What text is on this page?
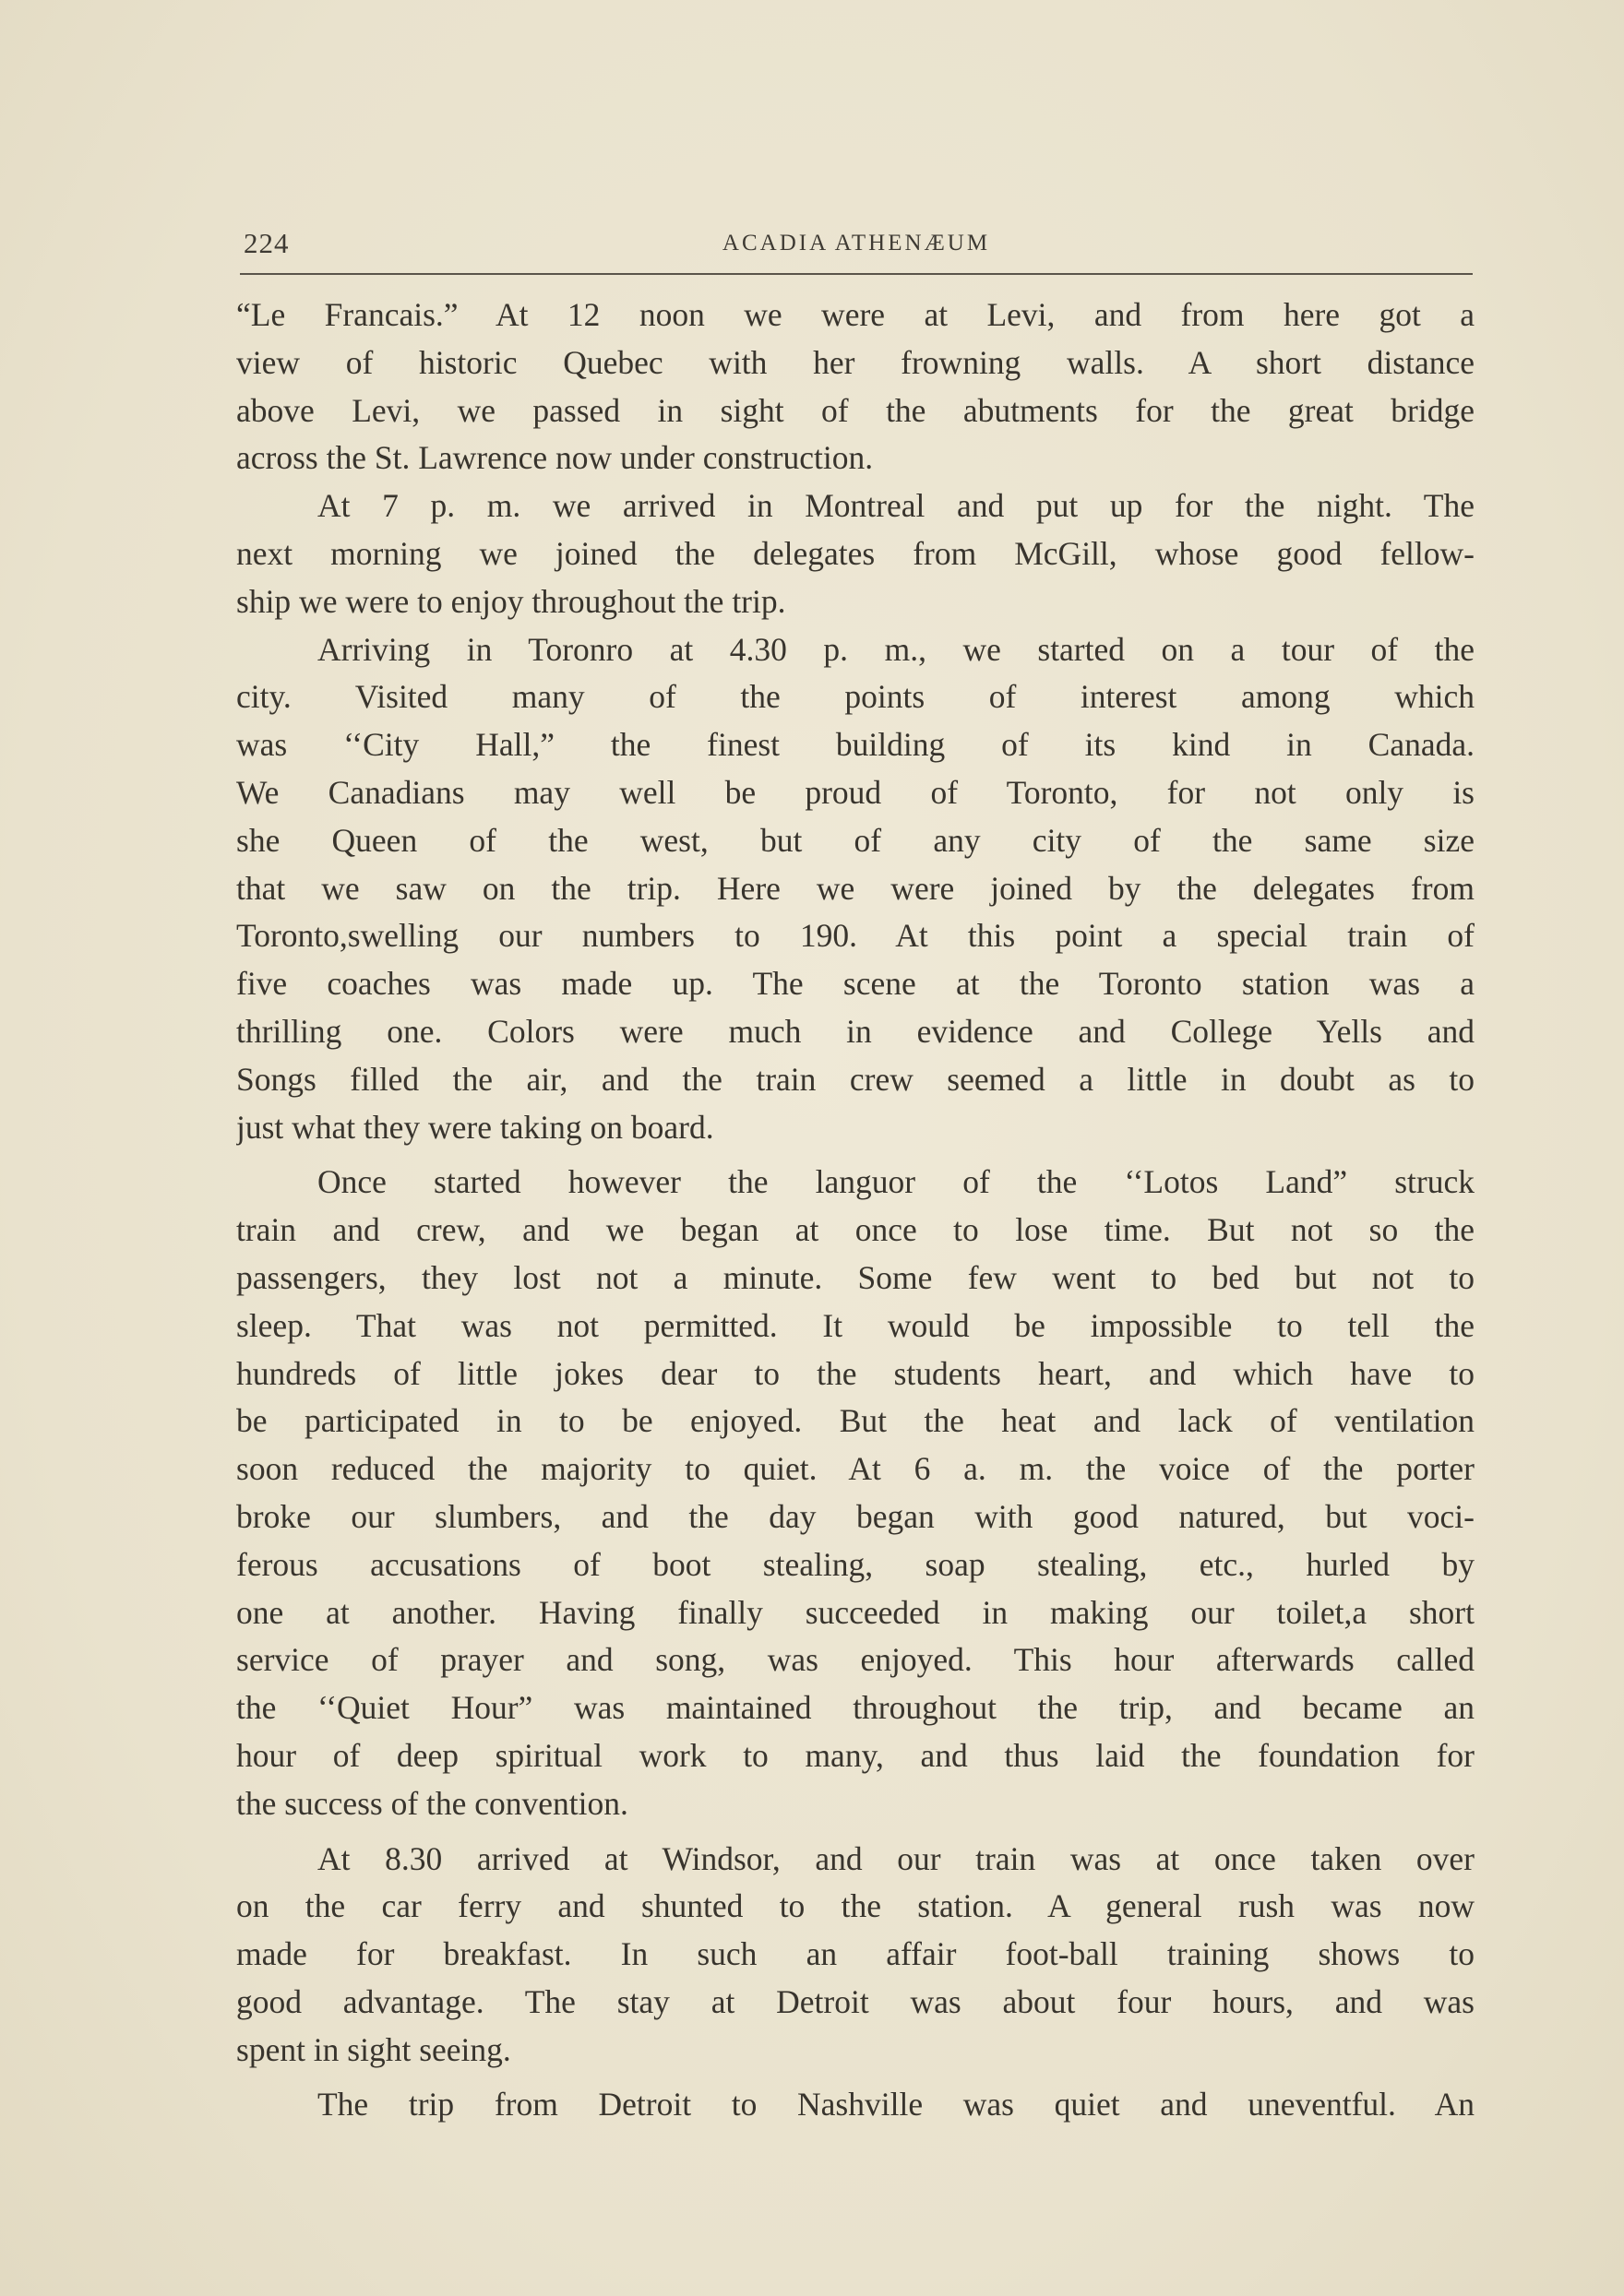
224	ACADIA ATHENÆUM
“Le Francais.” At 12 noon we were at Levi, and from here got a
view of historic Quebec with her frowning walls. A short distance
above Levi, we passed in sight of the abutments for the great bridge
across the St. Lawrence now under construction.
At 7 p. m. we arrived in Montreal and put up for the night. The
next morning we joined the delegates from McGill, whose good fellow-
ship we were to enjoy throughout the trip.
Arriving in Toronro at 4.30 p. m., we started on a tour of the
city. Visited many of the points of interest among which
was ‘‘City Hall,” the finest building of its kind in Canada.
We Canadians may well be proud of Toronto, for not only is
she Queen of the west, but of any city of the same size
that we saw on the trip. Here we were joined by the delegates from
Toronto,swelling our numbers to 190. At this point a special train of
five coaches was made up. The scene at the Toronto station was a
thrilling one. Colors were much in evidence and College Yells and
Songs filled the air, and the train crew seemed a little in doubt as to
just what they were taking on board.
Once started however the languor of the ‘‘Lotos Land” struck
train and crew, and we began at once to lose time. But not so the
passengers, they lost not a minute. Some few went to bed but not to
sleep. That was not permitted. It would be impossible to tell the
hundreds of little jokes dear to the students heart, and which have to
be participated in to be enjoyed. But the heat and lack of ventilation
soon reduced the majority to quiet. At 6 a. m. the voice of the porter
broke our slumbers, and the day began with good natured, but voci-
ferous accusations of boot stealing, soap stealing, etc., hurled by
one at another. Having finally succeeded in making our toilet,a short
service of prayer and song, was enjoyed. This hour afterwards called
the ‘‘Quiet Hour” was maintained throughout the trip, and became an
hour of deep spiritual work to many, and thus laid the foundation for
the success of the convention.
At 8.30 arrived at Windsor, and our train was at once taken over
on the car ferry and shunted to the station. A general rush was now
made for breakfast. In such an affair foot-ball training shows to
good advantage. The stay at Detroit was about four hours, and was
spent in sight seeing.
The trip from Detroit to Nashville was quiet and uneventful. An
